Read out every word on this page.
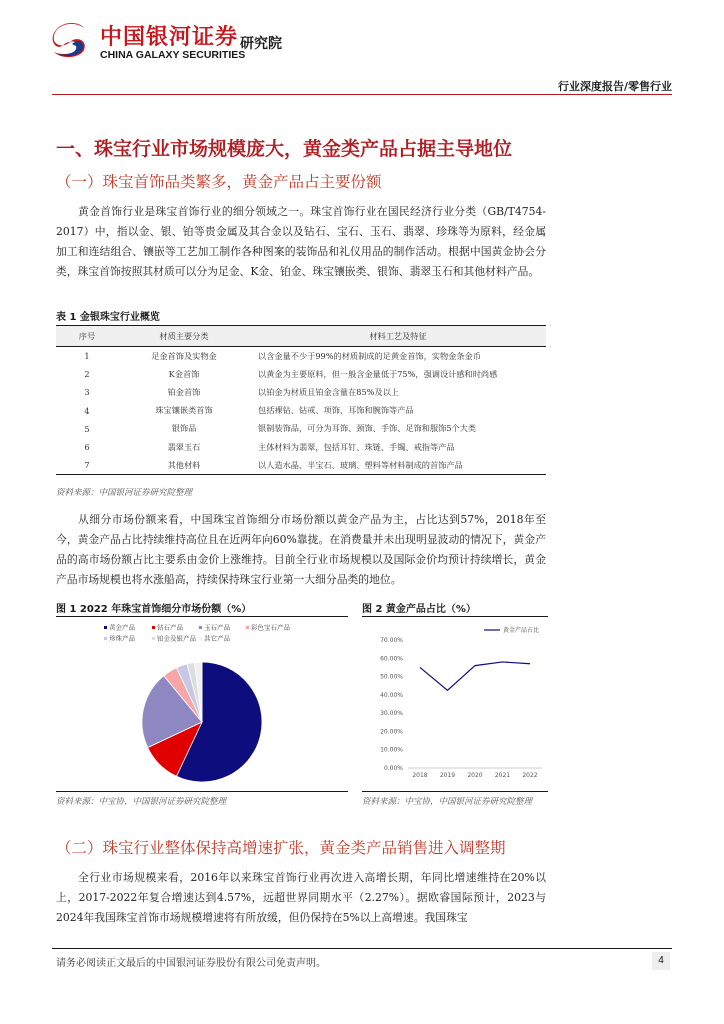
中国银河证券
CHINA GALAXY SECURITIES
研究院
行业深度报告/零售行业
一、珠宝行业市场规模庞大，黄金类产品占据主导地位
（一）珠宝首饰品类繁多，黄金产品占主要份额
黄金首饰行业是珠宝首饰行业的细分领域之一。珠宝首饰行业在国民经济行业分类（GB/T4754-2017）中，指以金、银、铂等贵金属及其合金以及钻石、宝石、玉石、翡翠、珍珠等为原料，经金属加工和连结组合、镶嵌等工艺加工制作各种图案的装饰品和礼仪用品的制作活动。根据中国黄金协会分类，珠宝首饰按照其材质可以分为足金、K金、铂金、珠宝镶嵌类、银饰、翡翠玉石和其他材料产品。
表 1 金银珠宝行业概览
序号	材质主要分类	材料工艺及特征
1	足金首饰及实物金	以含金量不少于99%的材质制成的足黄金首饰，实物金条金币
2	K金首饰	以黄金为主要原料，但一般含金量低于75%，强调设计感和时尚感
3	铂金首饰	以铂金为材质且铂金含量在85%及以上
4	珠宝镶嵌类首饰	包括裸钻、钻戒、项饰、耳饰和腕饰等产品
5	银饰品	银制装饰品，可分为耳饰、颈饰、手饰、足饰和服饰5个大类
6	翡翠玉石	主体材料为翡翠，包括耳钉、珠链、手镯、戒指等产品
7	其他材料	以人造水晶、半宝石、玻璃、塑料等材料制成的首饰产品
资料来源：中国银河证券研究院整理
从细分市场份额来看，中国珠宝首饰细分市场份额以黄金产品为主，占比达到57%，2018年至今，黄金产品占比持续维持高位且在近两年向60%靠拢。在消费量并未出现明显波动的情况下，黄金产品的高市场份额占比主要系由金价上涨维持。目前全行业市场规模以及国际金价均预计持续增长，黄金产品市场规模也将水涨船高，持续保持珠宝行业第一大细分品类的地位。
图 1 2022 年珠宝首饰细分市场份额（%）
黄金产品	钻石产品	玉石产品	彩色宝石产品
珍珠产品	铂金及银产品 其它产品
资料来源：中宝协，中国银河证券研究院整理
图 2 黄金产品占比（%）
黄金产品占比
0.00%
10.00%
20.00%
30.00%
40.00%
50.00%
60.00%
70.00%
2018 2019 2020 2021 2022
资料来源：中宝协，中国银河证券研究院整理
（二）珠宝行业整体保持高增速扩张，黄金类产品销售进入调整期
全行业市场规模来看，2016年以来珠宝首饰行业再次进入高增长期，年同比增速维持在20%以上，2017-2022年复合增速达到4.57%，远超世界同期水平（2.27%）。据欧睿国际预计，2023与2024年我国珠宝首饰市场规模增速将有所放缓，但仍保持在5%以上高增速。我国珠宝
请务必阅读正文最后的中国银河证券股份有限公司免责声明。	4
